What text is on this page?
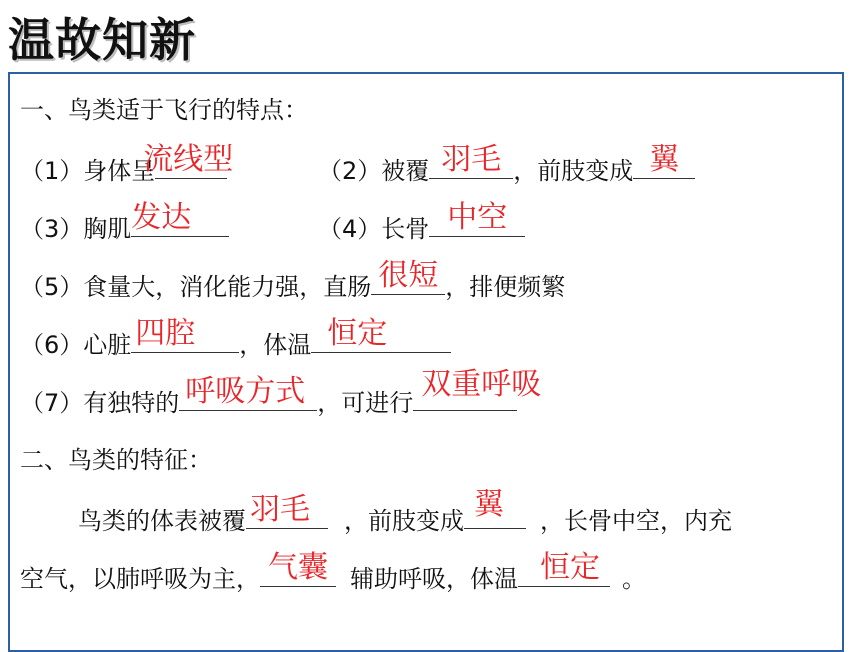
温故知新
一、鸟类适于飞行的特点：
（1）身体呈
流线型	（2）被覆 羽毛 ，前肢变成 翼
（3）胸肌 发达	（4）长骨 中空
（5）食量大，消化能力强，直肠 很短 ，排便频繁
（6）心脏 四腔 ，体温 恒定
（7）有独特的 呼吸方式 ，可进行
双重呼吸
二、鸟类的特征：
鸟类的体表被覆 羽毛 ，前肢变成 翼 ，长骨中空，内充
空气，以肺呼吸为主， 气囊 辅助呼吸，体温 恒定 。
